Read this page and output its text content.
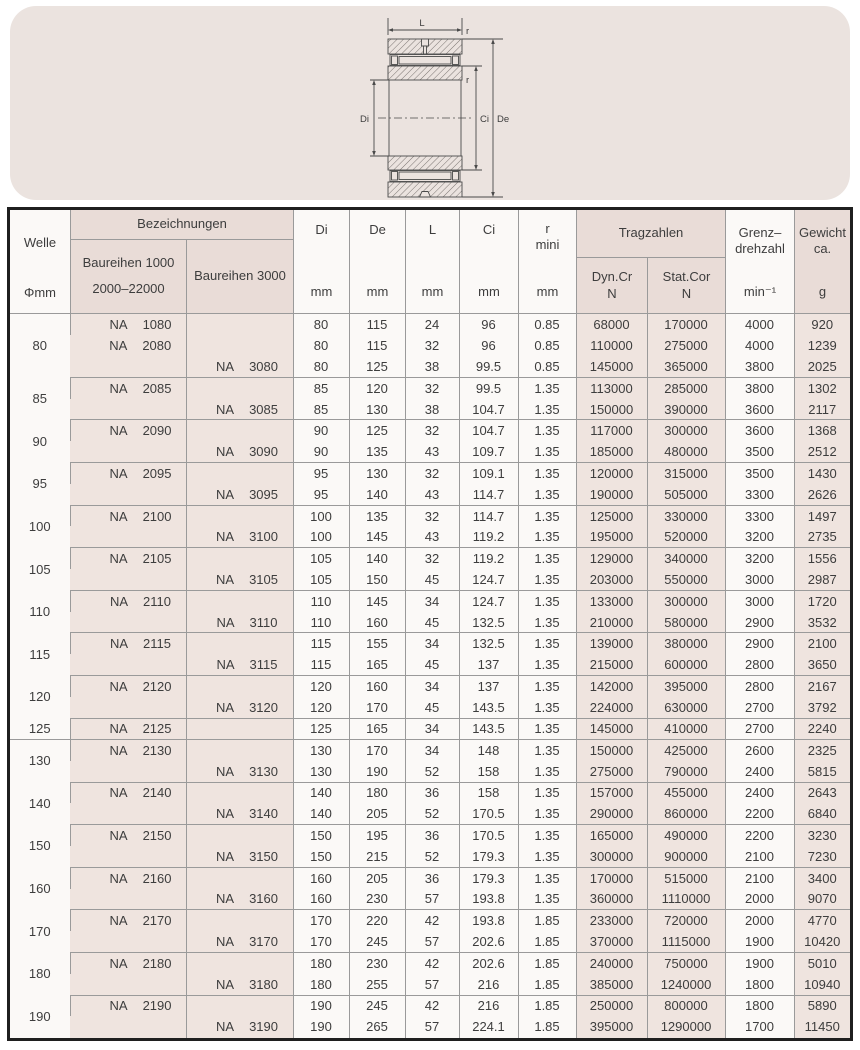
L
r
r
Di	Ci De
Welle
Φmm
Bezeichnungen
Baureihen 1000
2000–22000
Baureihen 3000
Di
mm
De
mm
L
mm
Ci
mm
r
mini
mm
Tragzahlen
Dyn.Cr
N
Stat.Cor
N
Grenz–
drehzahl
min⁻¹
Gewicht
ca.
g
80	NA 1080		80	115	24	96	0.85	68000	170000	4000	920

	NA 2080		80	115	32	96	0.85	110000	275000	4000	1239

		NA 3080	80	125	38	99.5	0.85	145000	365000	3800	2025
85	NA 2085		85	120	32	99.5	1.35	113000	285000	3800	1302

		NA 3085	85	130	38	104.7	1.35	150000	390000	3600	2117
90	NA 2090		90	125	32	104.7	1.35	117000	300000	3600	1368

		NA 3090	90	135	43	109.7	1.35	185000	480000	3500	2512
95	NA 2095		95	130	32	109.1	1.35	120000	315000	3500	1430

		NA 3095	95	140	43	114.7	1.35	190000	505000	3300	2626
100	NA 2100		100	135	32	114.7	1.35	125000	330000	3300	1497

		NA 3100	100	145	43	119.2	1.35	195000	520000	3200	2735
105	NA 2105		105	140	32	119.2	1.35	129000	340000	3200	1556

		NA 3105	105	150	45	124.7	1.35	203000	550000	3000	2987
110	NA 2110		110	145	34	124.7	1.35	133000	300000	3000	1720

		NA 3110	110	160	45	132.5	1.35	210000	580000	2900	3532
115	NA 2115		115	155	34	132.5	1.35	139000	380000	2900	2100

		NA 3115	115	165	45	137	1.35	215000	600000	2800	3650
120	NA 2120		120	160	34	137	1.35	142000	395000	2800	2167

		NA 3120	120	170	45	143.5	1.35	224000	630000	2700	3792
125	NA 2125		125	165	34	143.5	1.35	145000	410000	2700	2240
130	NA 2130		130	170	34	148	1.35	150000	425000	2600	2325

		NA 3130	130	190	52	158	1.35	275000	790000	2400	5815
140	NA 2140		140	180	36	158	1.35	157000	455000	2400	2643

		NA 3140	140	205	52	170.5	1.35	290000	860000	2200	6840
150	NA 2150		150	195	36	170.5	1.35	165000	490000	2200	3230

		NA 3150	150	215	52	179.3	1.35	300000	900000	2100	7230
160	NA 2160		160	205	36	179.3	1.35	170000	515000	2100	3400

		NA 3160	160	230	57	193.8	1.35	360000	1110000	2000	9070
170	NA 2170		170	220	42	193.8	1.85	233000	720000	2000	4770

		NA 3170	170	245	57	202.6	1.85	370000	1115000	1900	10420
180	NA 2180		180	230	42	202.6	1.85	240000	750000	1900	5010

		NA 3180	180	255	57	216	1.85	385000	1240000	1800	10940
190	NA 2190		190	245	42	216	1.85	250000	800000	1800	5890

		NA 3190	190	265	57	224.1	1.85	395000	1290000	1700	11450
